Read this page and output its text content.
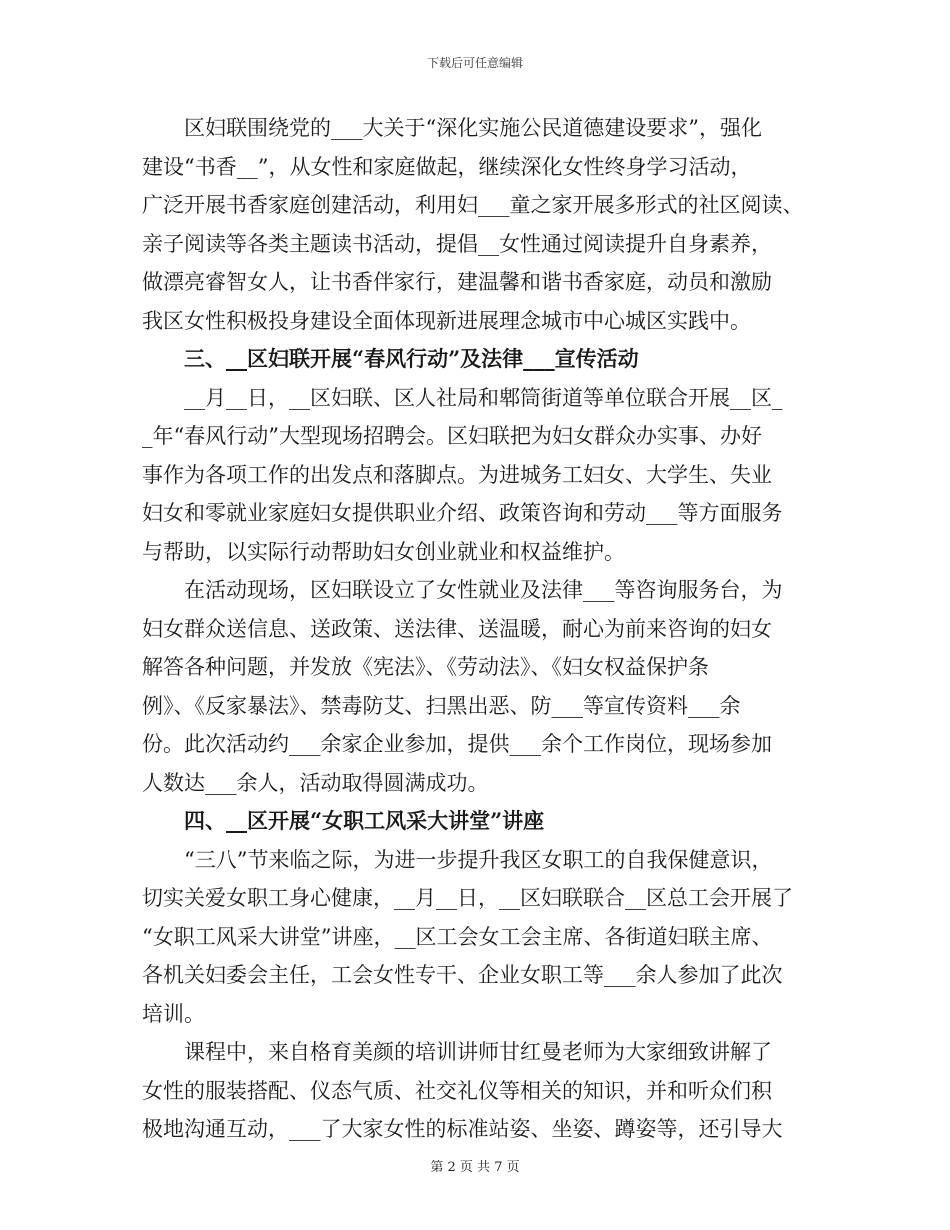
下载后可任意编辑
　　区妇联围绕党的___大关于“深化实施公民道德建设要求”，强化
建设“书香__”，从女性和家庭做起，继续深化女性终身学习活动，
广泛开展书香家庭创建活动，利用妇___童之家开展多形式的社区阅读、
亲子阅读等各类主题读书活动，提倡__女性通过阅读提升自身素养，
做漂亮睿智女人，让书香伴家行，建温馨和谐书香家庭，动员和激励
我区女性积极投身建设全面体现新进展理念城市中心城区实践中。
　　三、__区妇联开展“春风行动”及法律___宣传活动
　　__月__日，__区妇联、区人社局和郫筒街道等单位联合开展__区_
_年“春风行动”大型现场招聘会。区妇联把为妇女群众办实事、办好
事作为各项工作的出发点和落脚点。为进城务工妇女、大学生、失业
妇女和零就业家庭妇女提供职业介绍、政策咨询和劳动___等方面服务
与帮助，以实际行动帮助妇女创业就业和权益维护。
　　在活动现场，区妇联设立了女性就业及法律___等咨询服务台，为
妇女群众送信息、送政策、送法律、送温暖，耐心为前来咨询的妇女
解答各种问题，并发放《宪法》、《劳动法》、《妇女权益保护条
例》、《反家暴法》、禁毒防艾、扫黑出恶、防___等宣传资料___余
份。此次活动约___余家企业参加，提供___余个工作岗位，现场参加
人数达___余人，活动取得圆满成功。
　　四、__区开展“女职工风采大讲堂”讲座
　　“三八”节来临之际，为进一步提升我区女职工的自我保健意识，
切实关爱女职工身心健康，__月__日，__区妇联联合__区总工会开展了
“女职工风采大讲堂”讲座，__区工会女工会主席、各街道妇联主席、
各机关妇委会主任，工会女性专干、企业女职工等___余人参加了此次
培训。
　　课程中，来自格育美颜的培训讲师甘红曼老师为大家细致讲解了
女性的服装搭配、仪态气质、社交礼仪等相关的知识，并和听众们积
极地沟通互动，___了大家女性的标准站姿、坐姿、蹲姿等，还引导大
第 2 页 共 7 页
